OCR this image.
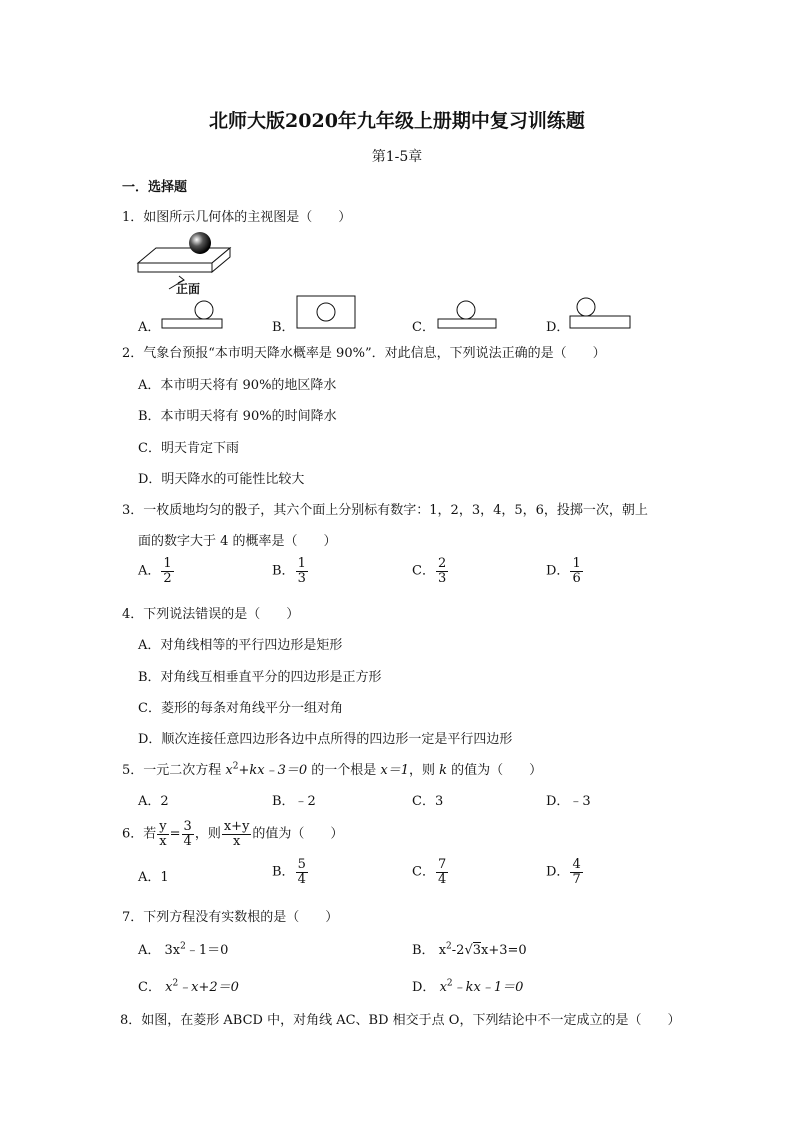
北师大版2020年九年级上册期中复习训练题
第1-5章
一．选择题
1．如图所示几何体的主视图是（　　）
正面
A．	B．	C．	D．
2．气象台预报“本市明天降水概率是 90%”．对此信息，下列说法正确的是（　　）
A．本市明天将有 90%的地区降水
B．本市明天将有 90%的时间降水
C．明天肯定下雨
D．明天降水的可能性比较大
3．一枚质地均匀的骰子，其六个面上分别标有数字：1，2，3，4，5，6，投掷一次，朝上
面的数字大于 4 的概率是（　　）
A． $\frac{1}{2}$	B． $\frac{1}{3}$	C． $\frac{2}{3}$	D． $\frac{1}{6}$
4．下列说法错误的是（　　）
A．对角线相等的平行四边形是矩形
B．对角线互相垂直平分的四边形是正方形
C．菱形的每条对角线平分一组对角
D．顺次连接任意四边形各边中点所得的四边形一定是平行四边形
5．一元二次方程 $x^2+kx﹣3=0$ 的一个根是 x＝1，则 k 的值为（　　）
A．2	B．﹣2	C．3	D．﹣3
6．若 $\frac{y}{x} = \frac{3}{4}$ ，则 $\frac{x+y}{x}$ 的值为（　　）
A．1	B． $\frac{5}{4}$	C． $\frac{7}{4}$	D． $\frac{4}{7}$
7．下列方程没有实数根的是（　　）
A． $3x^2﹣1=0$	B． $x^2-2√3x+3=0$
C． $x^2﹣x+2=0$	D． $x^2﹣kx﹣1=0$
8．如图，在菱形 ABCD 中，对角线 AC、BD 相交于点 O，下列结论中不一定成立的是（　　）
